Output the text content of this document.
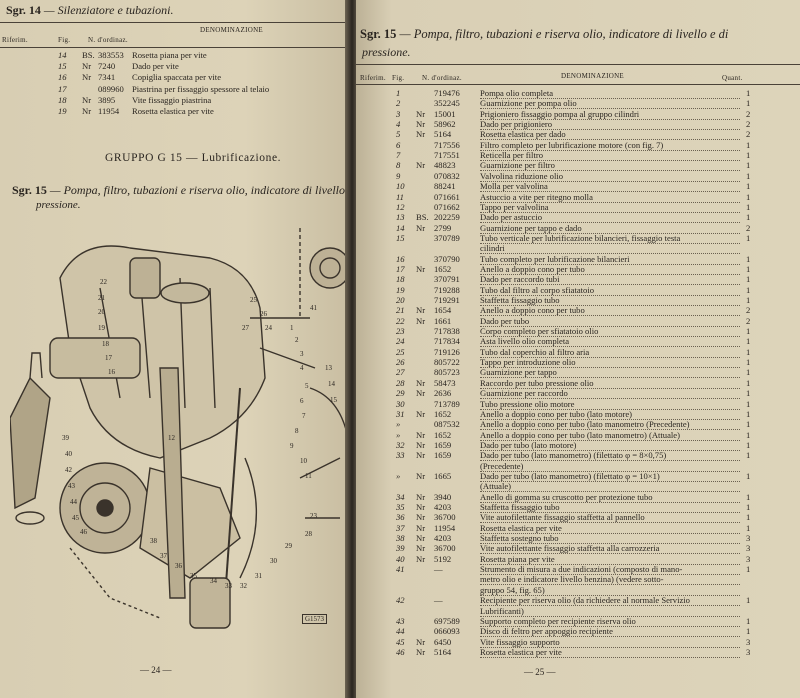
Sgr. 14 — Silenziatore e tubazioni.
Riferim.	Fig.	N. d'ordinaz.
DENOMINAZIONE
14 BS. 383553 Rosetta piana per vite
15 Nr 7240 Dado per vite
16 Nr 7341 Copiglia spaccata per vite
17	089960 Piastrina per fissaggio spessore al telaio
18 Nr 3895 Vite fissaggio piastrina
19 Nr 11954 Rosetta elastica per vite
GRUPPO G 15 — Lubrificazione.
Sgr. 15 — Pompa, filtro, tubazioni e riserva olio, indicatore di livello
pressione.
41
22
21
20
19
18
17
16
25
26
24
27	1
2
3
4
5
6
7
8
9
10
11
12
13
14
15
23
28
29
30
31
32
33
34
35
36
37
38
39
40
42
43
44
45
46
G1573
— 24 —
Sgr. 15 — Pompa, filtro, tubazioni e riserva olio, indicatore di livello e di
pressione.
Riferim. Fig.	N. d'ordinaz.	DENOMINAZIONE	Quant.
1	719476 Pompa olio completa	1
2	352245 Guarnizione per pompa olio	1
3 Nr 15001	Prigioniero fissaggio pompa al gruppo cilindri	2
4 Nr 58962	Dado per prigioniero	2
5 Nr 5164	Rosetta elastica per dado	2
6	717556 Filtro completo per lubrificazione motore (con fig. 7)	1
7	717551 Reticella per filtro	1
8 Nr 48823	Guarnizione per filtro	1
9	070832 Valvolina riduzione olio	1
10	88241	Molla per valvolina	1
11	071661 Astuccio a vite per ritegno molla	1
12	071662 Tappo per valvolina	1
13 BS. 202259 Dado per astuccio	1
14 Nr 2799	Guarnizione per tappo e dado	2
15	370789 Tubo verticale per lubrificazione bilancieri, fissaggio testa	1
cilindri
16	370790 Tubo completo per lubrificazione bilancieri	1
17 Nr 1652	Anello a doppio cono per tubo	1
18	370791 Dado per raccordo tubi	1
19	719288 Tubo dal filtro al corpo sfiatatoio	1
20	719291 Staffetta fissaggio tubo	1
21 Nr 1654	Anello a doppio cono per tubo	2
22 Nr 1661	Dado per tubo	2
23	717838 Corpo completo per sfiatatoio olio	1
24	717834 Asta livello olio completa	1
25	719126 Tubo dal coperchio al filtro aria	1
26	805722 Tappo per introduzione olio	1
27	805723 Guarnizione per tappo	1
28 Nr 58473	Raccordo per tubo pressione olio	1
29 Nr 2636	Guarnizione per raccordo	1
30	713789 Tubo pressione olio motore	1
31 Nr 1652	Anello a doppio cono per tubo (lato motore)	1
»	087532 Anello a doppio cono per tubo (lato manometro (Precedente)	1
» Nr 1652	Anello a doppio cono per tubo (lato manometro) (Attuale)	1
32 Nr 1659	Dado per tubo (lato motore)	1
33 Nr 1659	Dado per tubo (lato manometro) (filettato φ = 8×0,75)	1
(Precedente)
» Nr 1665	Dado per tubo (lato manometro) (filettato φ = 10×1)	1
(Attuale)
34 Nr 3940	Anello di gomma su cruscotto per protezione tubo	1
35 Nr 4203	Staffetta fissaggio tubo	1
36 Nr 36700	Vite autofilettante fissaggio staffetta al pannello	1
37 Nr 11954	Rosetta elastica per vite	1
38 Nr 4203	Staffetta sostegno tubo	3
39 Nr 36700	Vite autofilettante fissaggio staffetta alla carrozzeria	3
40 Nr 5192	Rosetta piana per vite	3
41	—	Strumento di misura a due indicazioni (composto di mano-	1
metro olio e indicatore livello benzina) (vedere sotto-
gruppo 54, fig. 65)
42	—	Recipiente per riserva olio (da richiedere al normale Servizio	1
Lubrificanti)
43	697589 Supporto completo per recipiente riserva olio	1
44	066093 Disco di feltro per appoggio recipiente	1
45 Nr 6450	Vite fissaggio supporto	3
46 Nr 5164	Rosetta elastica per vite	3
— 25 —
